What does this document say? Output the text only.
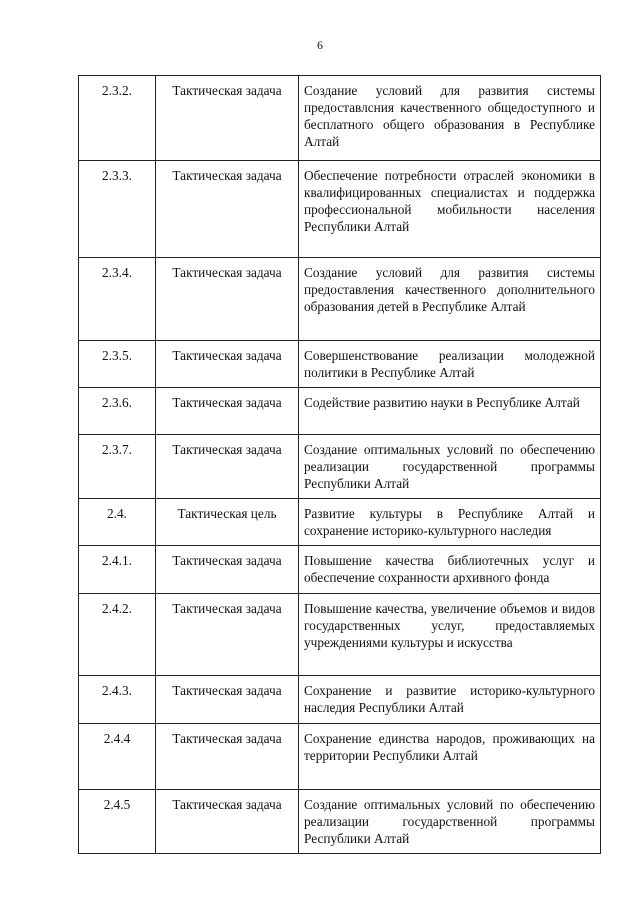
6
2.3.2.	Тактическая задача	Создание условий для развития системы предоставлсния качественного общедоступного и бесплатного общего образования в Республике Алтай
2.3.3.	Тактическая задача	Обеспечение потребности отраслей экономики в квалифицированных специалистах и поддержка профессиональной мобильности населения Республики Алтай
2.3.4.	Тактическая задача	Создание условий для развития системы предоставления качественного дополнительного образования детей в Республике Алтай
2.3.5.	Тактическая задача	Совершенствование реализации молодежной политики в Республике Алтай
2.3.6.	Тактическая задача	Содействие развитию науки в Республике Алтай
2.3.7.	Тактическая задача	Создание оптимальных условий по обеспечению реализации государственной программы Республики Алтай
2.4.	Тактическая цель	Развитие культуры в Республике Алтай и сохранение историко-культурного наследия
2.4.1.	Тактическая задача	Повышение качества библиотечных услуг и обеспечение сохранности архивного фонда
2.4.2.	Тактическая задача	Повышение качества, увеличение объемов и видов государственных услуг, предоставляемых учреждениями культуры и искусства
2.4.3.	Тактическая задача	Сохранение и развитие историко-культурного наследия Республики Алтай
2.4.4	Тактическая задача	Сохранение единства народов, проживающих на территории Республики Алтай
2.4.5	Тактическая задача	Создание оптимальных условий по обеспечению реализации государственной программы Республики Алтай
